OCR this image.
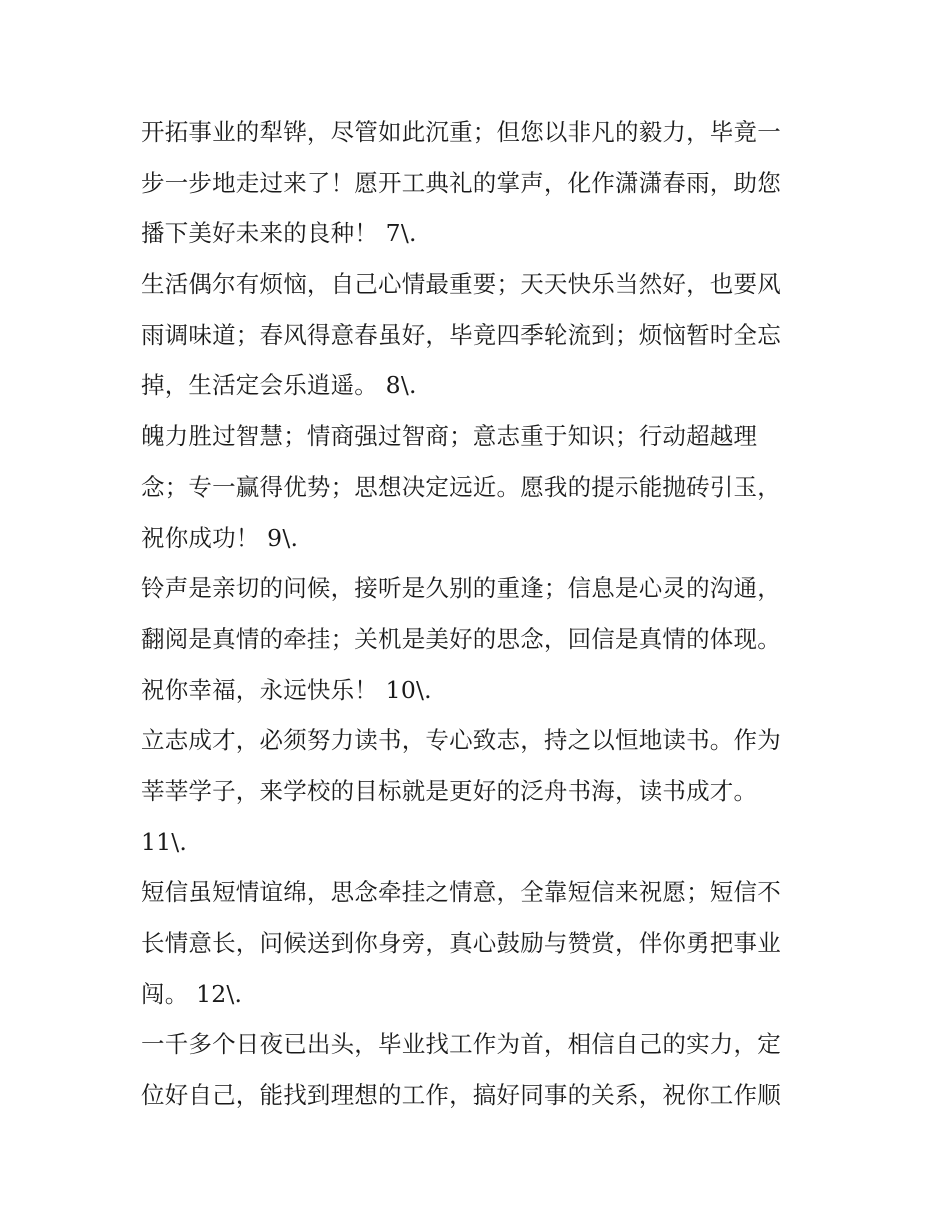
开拓事业的犁铧，尽管如此沉重；但您以非凡的毅力，毕竟一
步一步地走过来了！愿开工典礼的掌声，化作潇潇春雨，助您
播下美好未来的良种！ 7\.
生活偶尔有烦恼，自己心情最重要；天天快乐当然好，也要风
雨调味道；春风得意春虽好，毕竟四季轮流到；烦恼暂时全忘
掉，生活定会乐逍遥。 8\.
魄力胜过智慧；情商强过智商；意志重于知识；行动超越理
念；专一赢得优势；思想决定远近。愿我的提示能抛砖引玉，
祝你成功！ 9\.
铃声是亲切的问候，接听是久别的重逢；信息是心灵的沟通，
翻阅是真情的牵挂；关机是美好的思念，回信是真情的体现。
祝你幸福，永远快乐！ 10\.
立志成才，必须努力读书，专心致志，持之以恒地读书。作为
莘莘学子，来学校的目标就是更好的泛舟书海，读书成才。
11\.
短信虽短情谊绵，思念牵挂之情意，全靠短信来祝愿；短信不
长情意长，问候送到你身旁，真心鼓励与赞赏，伴你勇把事业
闯。 12\.
一千多个日夜已出头，毕业找工作为首，相信自己的实力，定
位好自己，能找到理想的工作，搞好同事的关系，祝你工作顺
